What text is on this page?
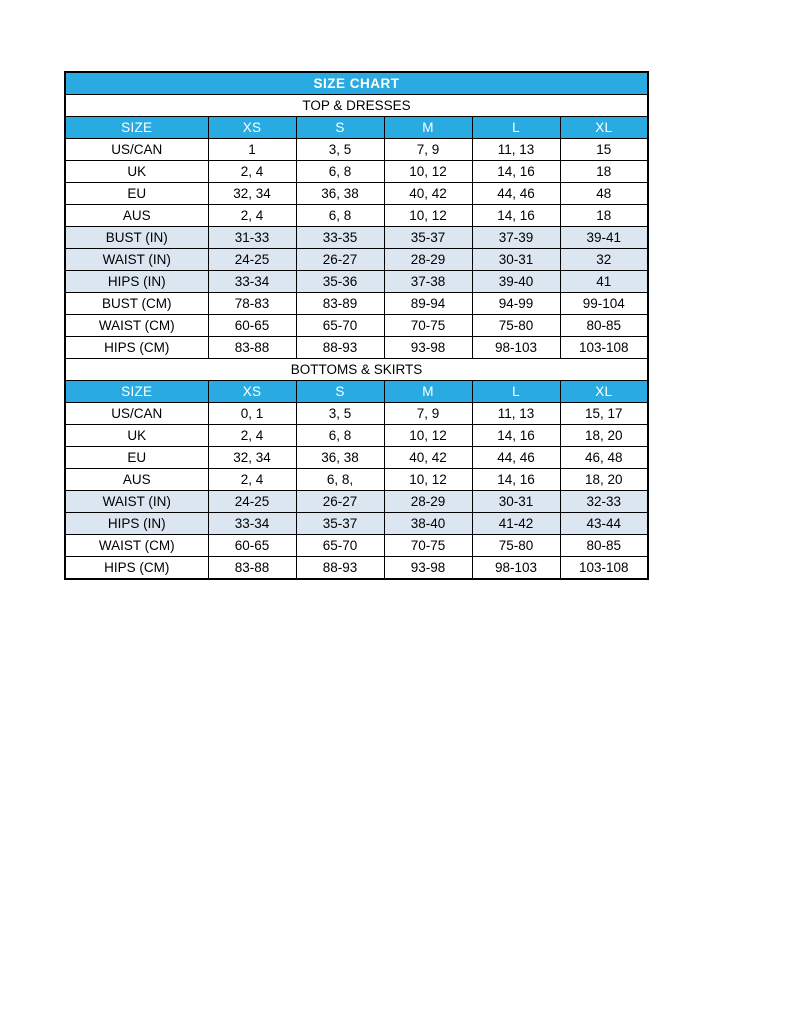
SIZE CHART					
TOP & DRESSES					
SIZE	XS	S	M	L	XL
US/CAN	1	3, 5	7, 9	11, 13	15
UK	2, 4	6, 8	10, 12	14, 16	18
EU	32, 34	36, 38	40, 42	44, 46	48
AUS	2, 4	6, 8	10, 12	14, 16	18
BUST (IN)	31-33	33-35	35-37	37-39	39-41
WAIST (IN)	24-25	26-27	28-29	30-31	32
HIPS (IN)	33-34	35-36	37-38	39-40	41
BUST (CM)	78-83	83-89	89-94	94-99	99-104
WAIST (CM)	60-65	65-70	70-75	75-80	80-85
HIPS (CM)	83-88	88-93	93-98	98-103	103-108
BOTTOMS & SKIRTS					
SIZE	XS	S	M	L	XL
US/CAN	0, 1	3, 5	7, 9	11, 13	15, 17
UK	2, 4	6, 8	10, 12	14, 16	18, 20
EU	32, 34	36, 38	40, 42	44, 46	46, 48
AUS	2, 4	6, 8,	10, 12	14, 16	18, 20
WAIST (IN)	24-25	26-27	28-29	30-31	32-33
HIPS (IN)	33-34	35-37	38-40	41-42	43-44
WAIST (CM)	60-65	65-70	70-75	75-80	80-85
HIPS (CM)	83-88	88-93	93-98	98-103	103-108
